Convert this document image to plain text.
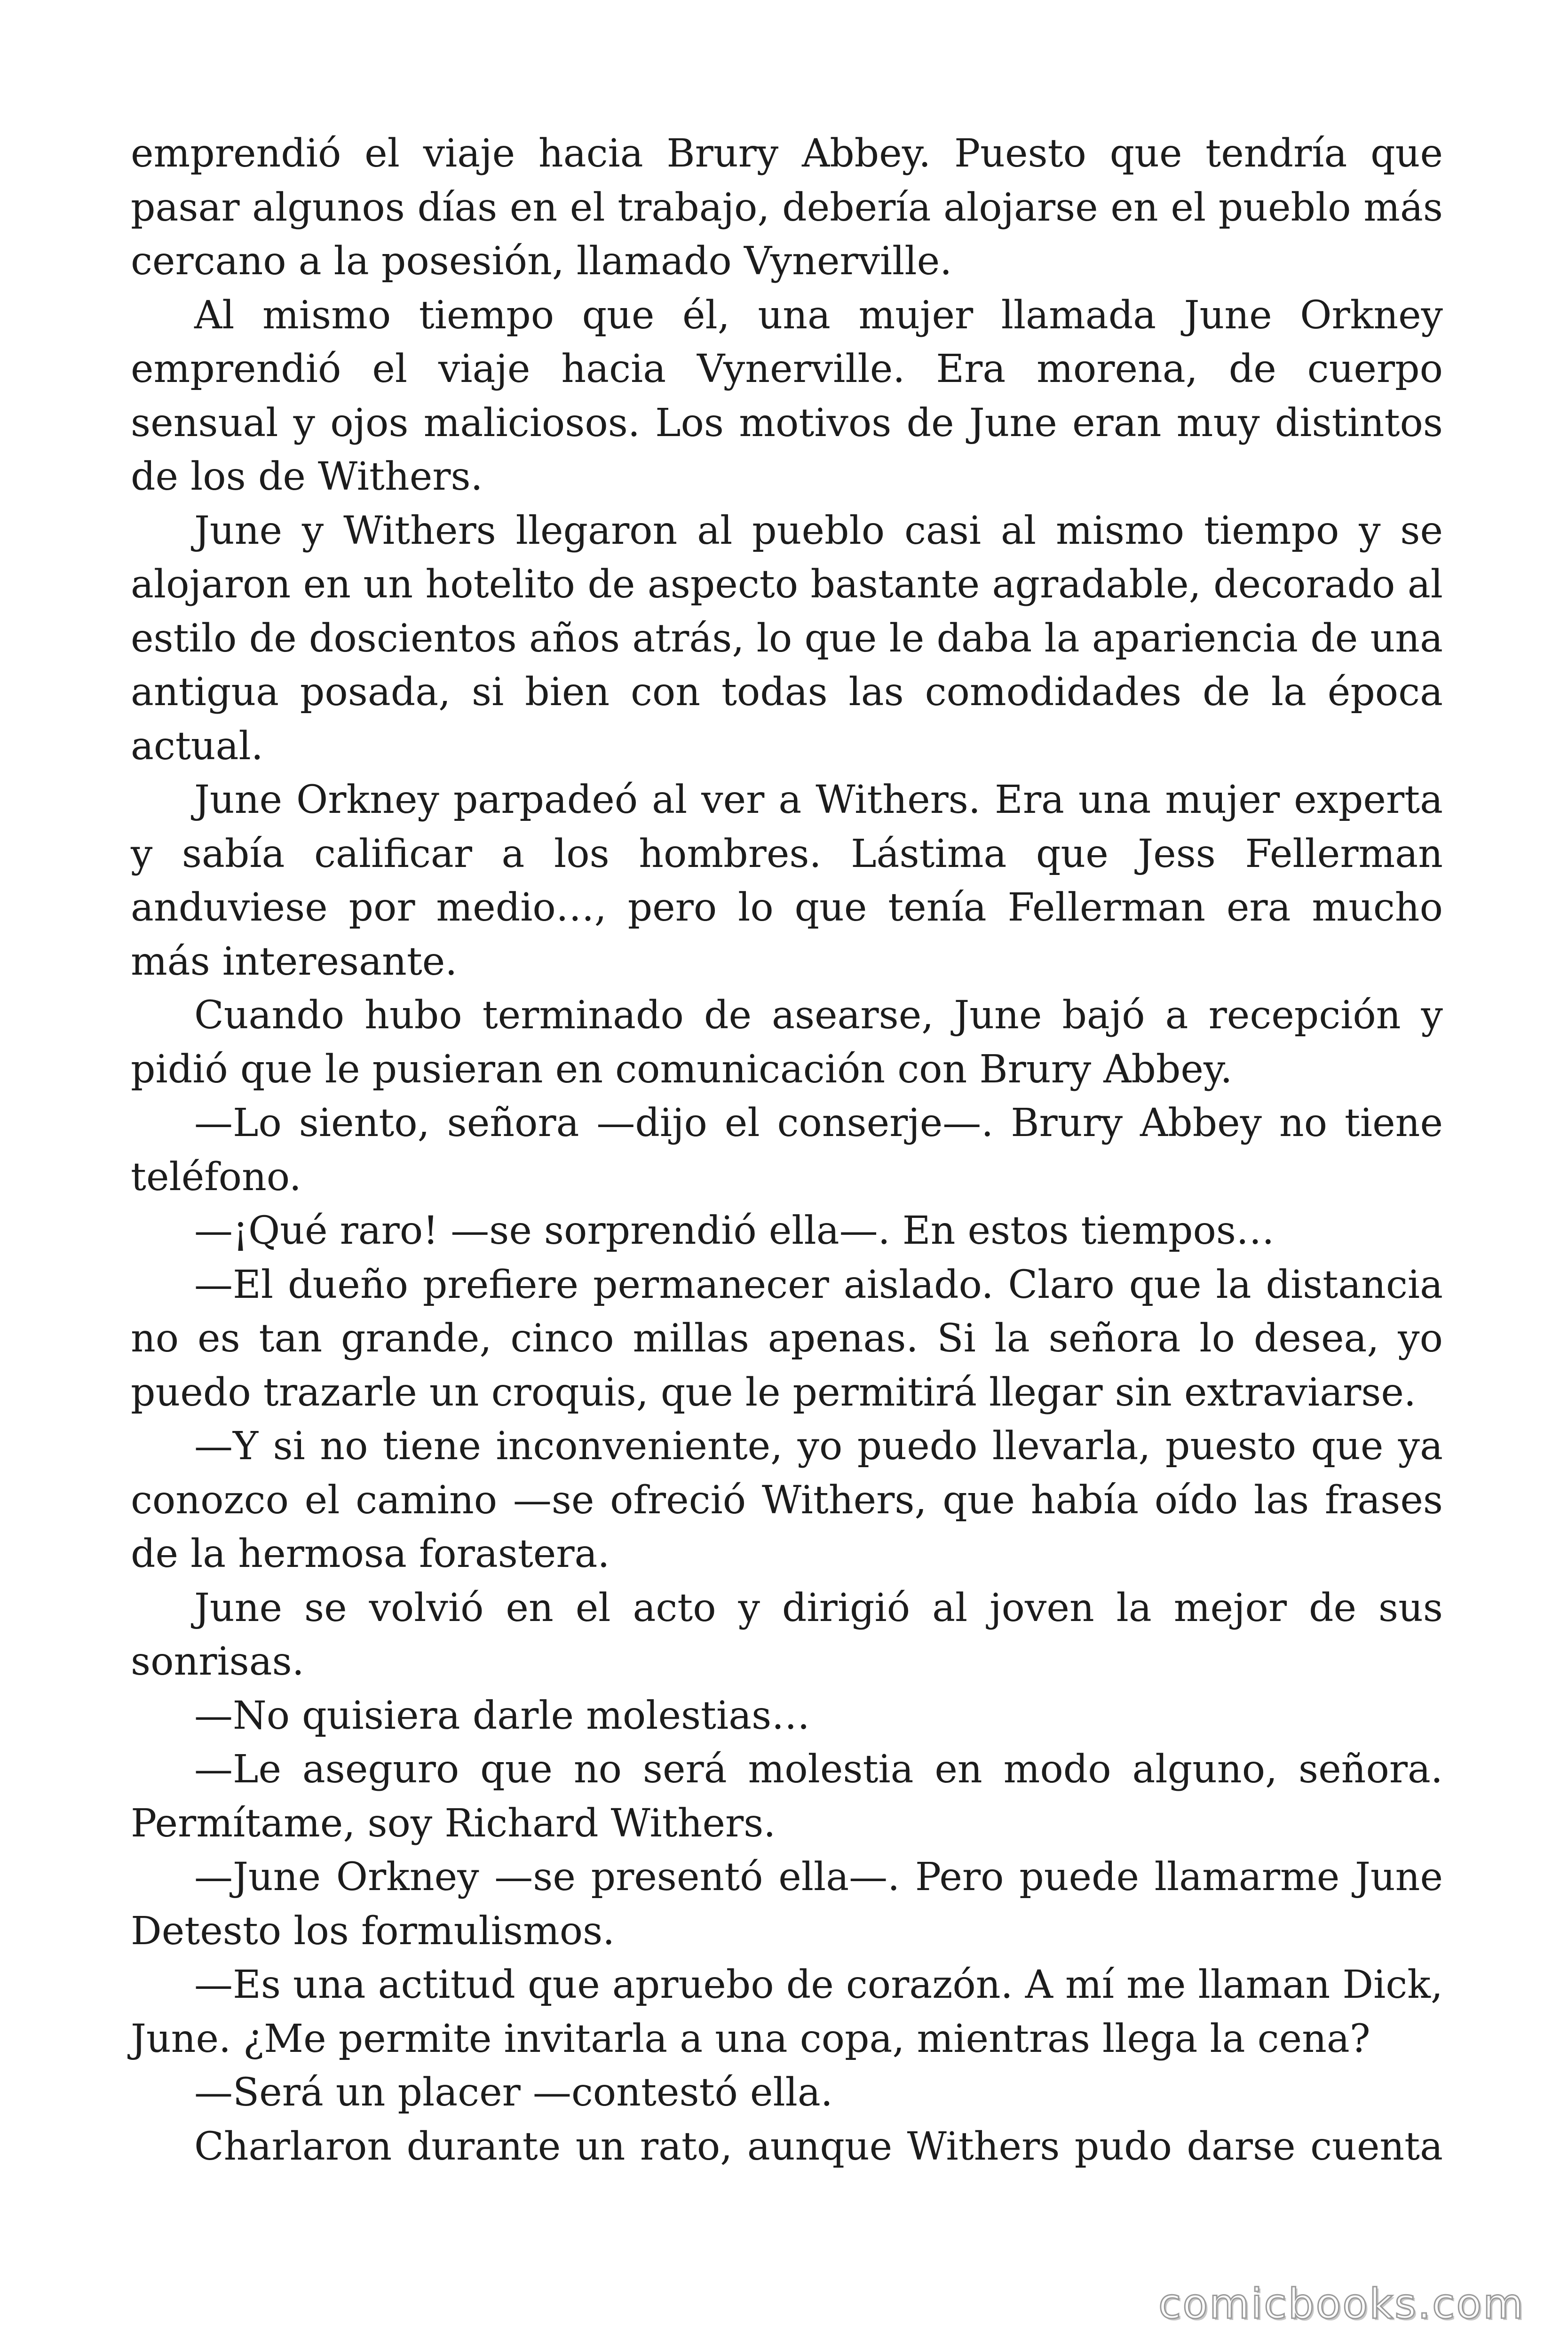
emprendió el viaje hacia Brury Abbey. Puesto que tendría que pasar algunos días en el trabajo, debería alojarse en el pueblo más cercano a la posesión, llamado Vynerville.

Al mismo tiempo que él, una mujer llamada June Orkney emprendió el viaje hacia Vynerville. Era morena, de cuerpo sensual y ojos maliciosos. Los motivos de June eran muy distintos de los de Withers.

June y Withers llegaron al pueblo casi al mismo tiempo y se alojaron en un hotelito de aspecto bastante agradable, decorado al estilo de doscientos años atrás, lo que le daba la apariencia de una antigua posada, si bien con todas las comodidades de la época actual.

June Orkney parpadeó al ver a Withers. Era una mujer experta y sabía calificar a los hombres. Lástima que Jess Fellerman anduviese por medio…, pero lo que tenía Fellerman era mucho más interesante.

Cuando hubo terminado de asearse, June bajó a recepción y pidió que le pusieran en comunicación con Brury Abbey.

—Lo siento, señora —dijo el conserje—. Brury Abbey no tiene teléfono.

—¡Qué raro! —se sorprendió ella—. En estos tiempos…

—El dueño prefiere permanecer aislado. Claro que la distancia no es tan grande, cinco millas apenas. Si la señora lo desea, yo puedo trazarle un croquis, que le permitirá llegar sin extraviarse.

—Y si no tiene inconveniente, yo puedo llevarla, puesto que ya conozco el camino —se ofreció Withers, que había oído las frases de la hermosa forastera.

June se volvió en el acto y dirigió al joven la mejor de sus sonrisas.

—No quisiera darle molestias…

—Le aseguro que no será molestia en modo alguno, señora. Permítame, soy Richard Withers.

—June Orkney —se presentó ella—. Pero puede llamarme June Detesto los formulismos.

—Es una actitud que apruebo de corazón. A mí me llaman Dick, June. ¿Me permite invitarla a una copa, mientras llega la cena?

—Será un placer —contestó ella.

Charlaron durante un rato, aunque Withers pudo darse cuenta

comicbooks.com
